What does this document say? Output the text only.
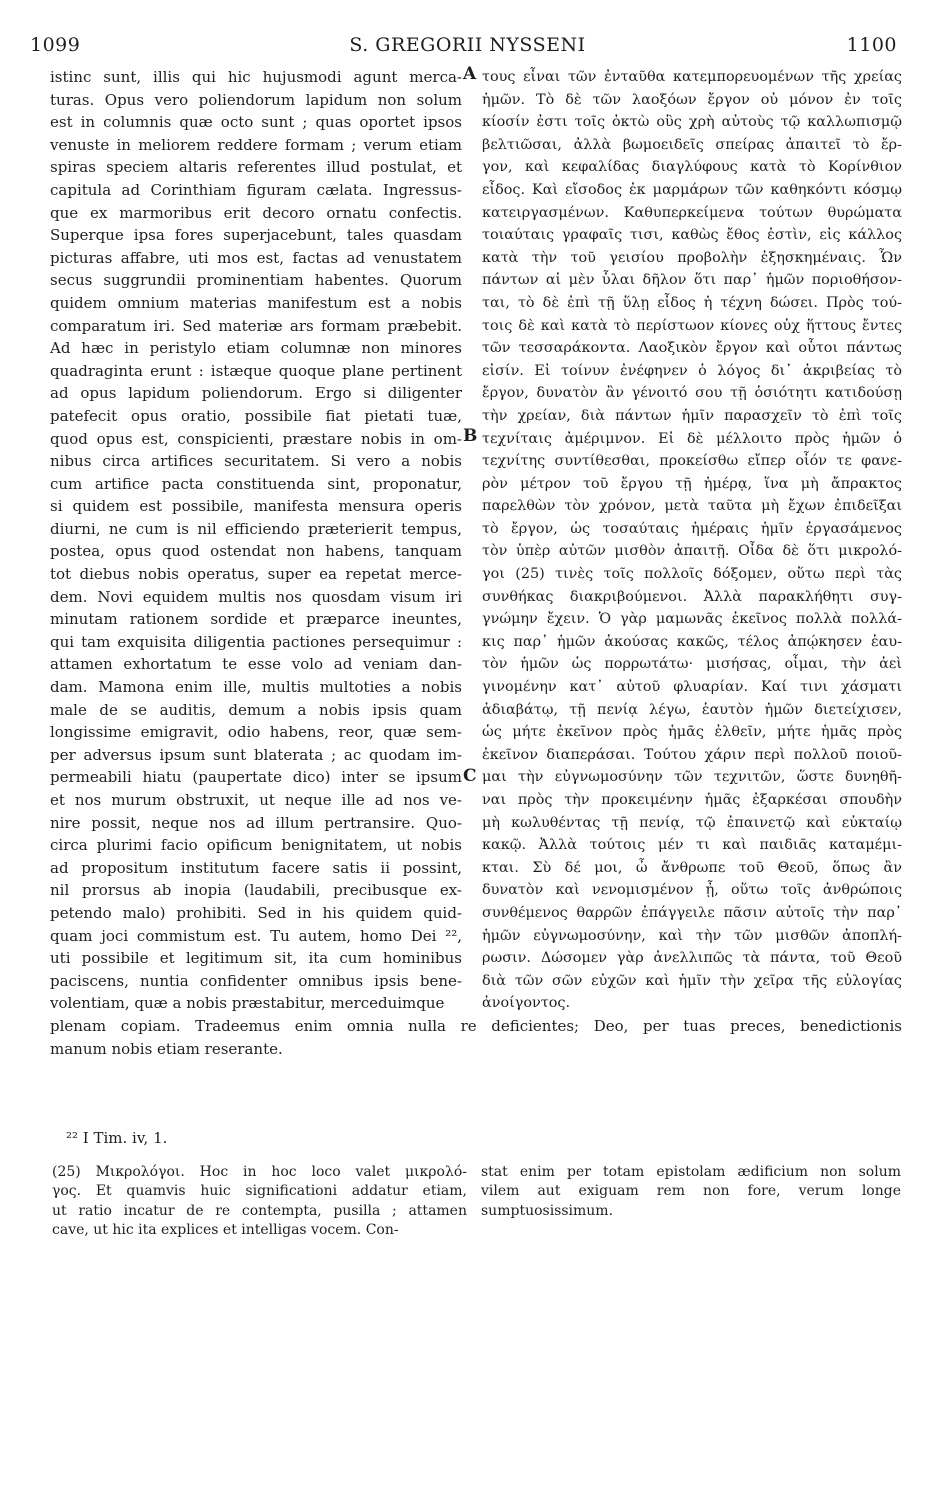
1099	S. GREGORII NYSSENI	1100
istinc sunt, illis qui hic hujusmodi agunt merca-
turas. Opus vero poliendorum lapidum non solum
est in columnis quæ octo sunt ; quas oportet ipsos
venuste in meliorem reddere formam ; verum etiam
spiras speciem altaris referentes illud postulat, et
capitula ad Corinthiam figuram cælata. Ingressus-
que ex marmoribus erit decoro ornatu confectis.
Superque ipsa fores superjacebunt, tales quasdam
picturas affabre, uti mos est, factas ad venustatem
secus suggrundii prominentiam habentes. Quorum
quidem omnium materias manifestum est a nobis
comparatum iri. Sed materiæ ars formam præbebit.
Ad hæc in peristylo etiam columnæ non minores
quadraginta erunt : istæque quoque plane pertinent
ad opus lapidum poliendorum. Ergo si diligenter
patefecit opus oratio, possibile fiat pietati tuæ,
quod opus est, conspicienti, præstare nobis in om-
nibus circa artifices securitatem. Si vero a nobis
cum artifice pacta constituenda sint, proponatur,
si quidem est possibile, manifesta mensura operis
diurni, ne cum is nil efficiendo præterierit tempus,
postea, opus quod ostendat non habens, tanquam
tot diebus nobis operatus, super ea repetat merce-
dem. Novi equidem multis nos quosdam visum iri
minutam rationem sordide et præparce ineuntes,
qui tam exquisita diligentia pactiones persequimur :
attamen exhortatum te esse volo ad veniam dan-
dam. Mamona enim ille, multis multoties a nobis
male de se auditis, demum a nobis ipsis quam
longissime emigravit, odio habens, reor, quæ sem-
per adversus ipsum sunt blaterata ; ac quodam im-
permeabili hiatu (paupertate dico) inter se ipsum
et nos murum obstruxit, ut neque ille ad nos ve-
nire possit, neque nos ad illum pertransire. Quo-
circa plurimi facio opificum benignitatem, ut nobis
ad propositum institutum facere satis ii possint,
nil prorsus ab inopia (laudabili, precibusque ex-
petendo malo) prohibiti. Sed in his quidem quid-
quam joci commistum est. Tu autem, homo Dei ²²,
uti possibile et legitimum sit, ita cum hominibus
paciscens, nuntia confidenter omnibus ipsis bene-
volentiam, quæ a nobis præstabitur, merceduimque
τους εἶναι τῶν ἐνταῦθα κατεμπορευομένων τῆς χρείας
ἡμῶν. Τὸ δὲ τῶν λαοξόων ἔργον οὐ μόνον ἐν τοῖς
κίοσίν ἐστι τοῖς ὀκτὼ οὓς χρὴ αὐτοὺς τῷ καλλωπισμῷ
βελτιῶσαι, ἀλλὰ βωμοειδεῖς σπείρας ἀπαιτεῖ τὸ ἔρ-
γον, καὶ κεφαλίδας διαγλύφους κατὰ τὸ Κορίνθιον
εἶδος. Καὶ εἴσοδος ἐκ μαρμάρων τῶν καθηκόντι κόσμῳ
κατειργασμένων. Καθυπερκείμενα τούτων θυρώματα
τοιαύταις γραφαῖς τισι, καθὼς ἔθος ἐστὶν, εἰς κάλλος
κατὰ τὴν τοῦ γεισίου προβολὴν ἐξησκημέναις. Ὧν
πάντων αἱ μὲν ὗλαι δῆλον ὅτι παρ᾽ ἡμῶν ποριοθήσον-
ται, τὸ δὲ ἐπὶ τῇ ὕλῃ εἶδος ἡ τέχνη δώσει. Πρὸς τού-
τοις δὲ καὶ κατὰ τὸ περίστωον κίονες οὐχ ἥττους ἔντες
τῶν τεσσαράκοντα. Λαοξικὸν ἔργον καὶ οὗτοι πάντως
εἰσίν. Εἰ τοίνυν ἐνέφηνεν ὁ λόγος δι᾽ ἀκριβείας τὸ
ἔργον, δυνατὸν ἂν γένοιτό σου τῇ ὁσιότητι κατιδούσῃ
τὴν χρείαν, διὰ πάντων ἡμῖν παρασχεῖν τὸ ἐπὶ τοῖς
τεχνίταις ἀμέριμνον. Εἰ δὲ μέλλοιτο πρὸς ἡμῶν ὁ
τεχνίτης συντίθεσθαι, προκείσθω εἴπερ οἷόν τε φανε-
ρὸν μέτρον τοῦ ἔργου τῇ ἡμέρᾳ, ἵνα μὴ ἄπρακτος
παρελθὼν τὸν χρόνον, μετὰ ταῦτα μὴ ἔχων ἐπιδεῖξαι
τὸ ἔργον, ὡς τοσαύταις ἡμέραις ἡμῖν ἐργασάμενος
τὸν ὑπὲρ αὐτῶν μισθὸν ἀπαιτῇ. Οἶδα δὲ ὅτι μικρολό-
γοι (25) τινὲς τοῖς πολλοῖς δόξομεν, οὕτω περὶ τὰς
συνθήκας διακριβούμενοι. Ἀλλὰ παρακλήθητι συγ-
γνώμην ἔχειν. Ὁ γὰρ μαμωνᾶς ἐκεῖνος πολλὰ πολλά-
κις παρ᾽ ἡμῶν ἀκούσας κακῶς, τέλος ἀπῴκησεν ἑαυ-
τὸν ἡμῶν ὡς πορρωτάτω· μισήσας, οἶμαι, τὴν ἀεὶ
γινομένην κατ᾽ αὐτοῦ φλυαρίαν. Καί τινι χάσματι
ἀδιαβάτῳ, τῇ πενίᾳ λέγω, ἑαυτὸν ἡμῶν διετείχισεν,
ὡς μήτε ἐκεῖνον πρὸς ἡμᾶς ἐλθεῖν, μήτε ἡμᾶς πρὸς
ἐκεῖνον διαπεράσαι. Τούτου χάριν περὶ πολλοῦ ποιοῦ-
μαι τὴν εὐγνωμοσύνην τῶν τεχνιτῶν, ὥστε δυνηθῆ-
ναι πρὸς τὴν προκειμένην ἡμᾶς ἐξαρκέσαι σπουδὴν
μὴ κωλυθέντας τῇ πενίᾳ, τῷ ἐπαινετῷ καὶ εὐκταίῳ
κακῷ. Ἀλλὰ τούτοις μέν τι καὶ παιδιᾶς καταμέμι-
κται. Σὺ δέ μοι, ὦ ἄνθρωπε τοῦ Θεοῦ, ὅπως ἂν
δυνατὸν καὶ νενομισμένον ᾖ, οὕτω τοῖς ἀνθρώποις
συνθέμενος θαρρῶν ἐπάγγειλε πᾶσιν αὐτοῖς τὴν παρ᾽
ἡμῶν εὐγνωμοσύνην, καὶ τὴν τῶν μισθῶν ἀποπλή-
ρωσιν. Δώσομεν γὰρ ἀνελλιπῶς τὰ πάντα, τοῦ Θεοῦ
διὰ τῶν σῶν εὐχῶν καὶ ἡμῖν τὴν χεῖρα τῆς εὐλογίας
ἀνοίγοντος.
A
B
C
plenam copiam. Tradeemus enim omnia nulla re deficientes; Deo, per tuas preces, benedictionis
manum nobis etiam reserante.
²² I Tim. iv, 1.
(25) Μικρολόγοι. Hoc in hoc loco valet μικρολό-
γος. Et quamvis huic significationi addatur etiam,
ut ratio incatur de re contempta, pusilla ; attamen
cave, ut hic ita explices et intelligas vocem. Con-
stat enim per totam epistolam ædificium non solum
vilem aut exiguam rem non fore, verum longe
sumptuosissimum.
